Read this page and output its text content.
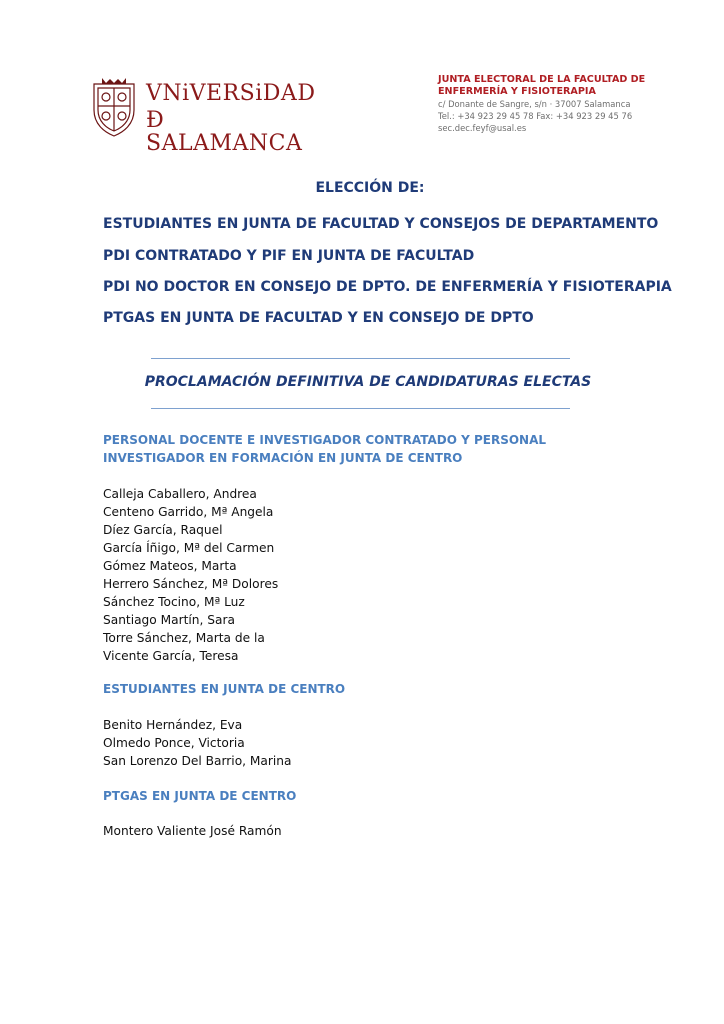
VNiVERSiDAD
Ð SALAMANCA
JUNTA ELECTORAL DE LA FACULTAD DE
ENFERMERÍA Y FISIOTERAPIA
c/ Donante de Sangre, s/n · 37007 Salamanca
Tel.: +34 923 29 45 78 Fax: +34 923 29 45 76
sec.dec.feyf@usal.es
ELECCIÓN DE:
ESTUDIANTES EN JUNTA DE FACULTAD Y CONSEJOS DE DEPARTAMENTO
PDI CONTRATADO Y PIF EN JUNTA DE FACULTAD
PDI NO DOCTOR EN CONSEJO DE DPTO. DE ENFERMERÍA Y FISIOTERAPIA
PTGAS EN JUNTA DE FACULTAD Y EN CONSEJO DE DPTO
PROCLAMACIÓN DEFINITIVA DE CANDIDATURAS ELECTAS
PERSONAL DOCENTE E INVESTIGADOR CONTRATADO Y PERSONAL INVESTIGADOR EN FORMACIÓN EN JUNTA DE CENTRO
Calleja Caballero, Andrea
Centeno Garrido, Mª Angela
Díez García, Raquel
García Íñigo, Mª del Carmen
Gómez Mateos, Marta
Herrero Sánchez, Mª Dolores
Sánchez Tocino, Mª Luz
Santiago Martín, Sara
Torre Sánchez, Marta de la
Vicente García, Teresa
ESTUDIANTES EN JUNTA DE CENTRO
Benito Hernández, Eva
Olmedo Ponce, Victoria
San Lorenzo Del Barrio, Marina
PTGAS EN JUNTA DE CENTRO
Montero Valiente José Ramón
